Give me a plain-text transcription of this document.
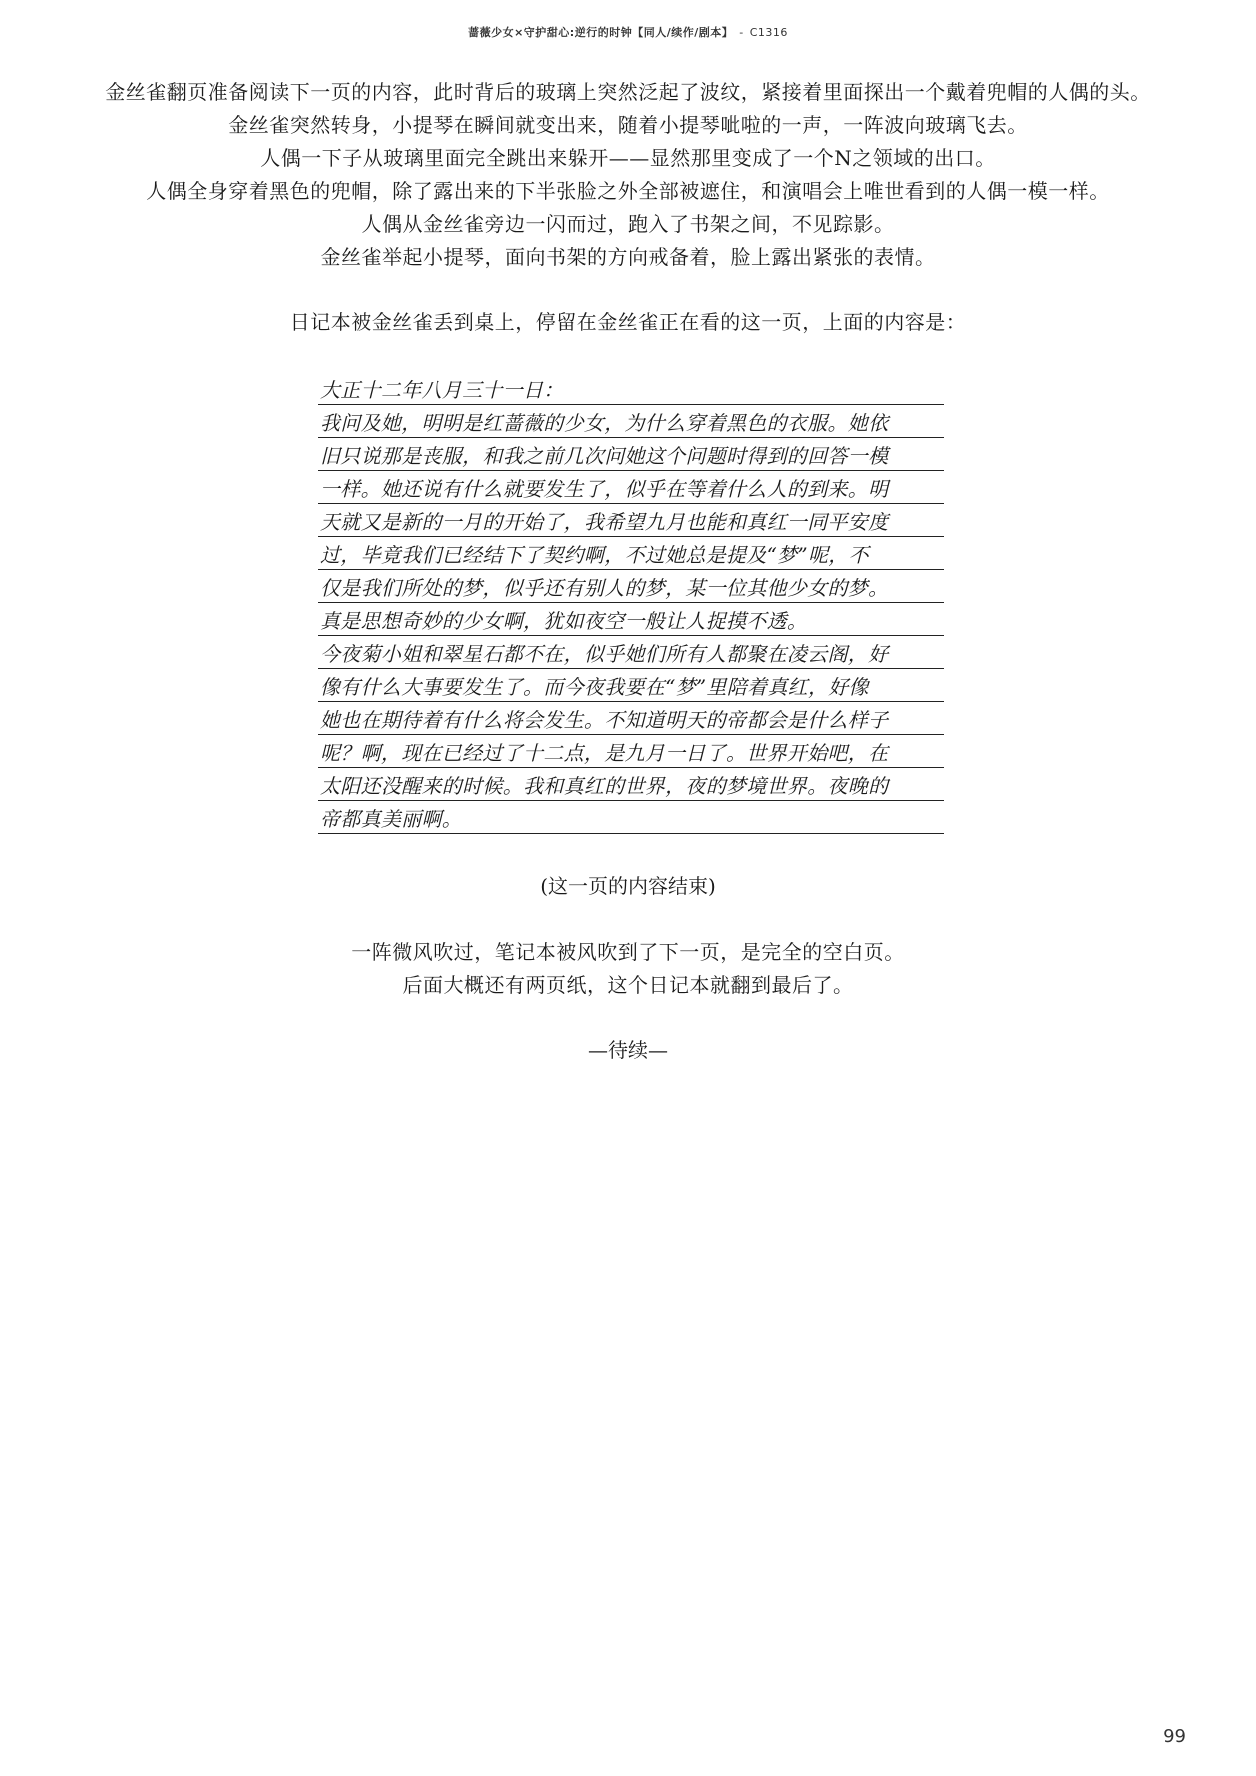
蔷薇少女×守护甜心:逆行的时钟【同人/续作/剧本】 - C1316

金丝雀翻页准备阅读下一页的内容，此时背后的玻璃上突然泛起了波纹，紧接着里面探出一个戴着兜帽的人偶的头。

金丝雀突然转身，小提琴在瞬间就变出来，随着小提琴呲啦的一声，一阵波向玻璃飞去。

人偶一下子从玻璃里面完全跳出来躲开——显然那里变成了一个N之领域的出口。

人偶全身穿着黑色的兜帽，除了露出来的下半张脸之外全部被遮住，和演唱会上唯世看到的人偶一模一样。

人偶从金丝雀旁边一闪而过，跑入了书架之间，不见踪影。

金丝雀举起小提琴，面向书架的方向戒备着，脸上露出紧张的表情。

日记本被金丝雀丢到桌上，停留在金丝雀正在看的这一页，上面的内容是：

大正十二年八月三十一日：
我问及她，明明是红蔷薇的少女，为什么穿着黑色的衣服。她依
旧只说那是丧服，和我之前几次问她这个问题时得到的回答一模
一样。她还说有什么就要发生了，似乎在等着什么人的到来。明
天就又是新的一月的开始了，我希望九月也能和真红一同平安度
过，毕竟我们已经结下了契约啊，不过她总是提及“梦”呢，不
仅是我们所处的梦，似乎还有别人的梦，某一位其他少女的梦。
真是思想奇妙的少女啊，犹如夜空一般让人捉摸不透。
今夜菊小姐和翠星石都不在，似乎她们所有人都聚在凌云阁，好
像有什么大事要发生了。而今夜我要在“梦”里陪着真红，好像
她也在期待着有什么将会发生。不知道明天的帝都会是什么样子
呢？啊，现在已经过了十二点，是九月一日了。世界开始吧，在
太阳还没醒来的时候。我和真红的世界，夜的梦境世界。夜晚的
帝都真美丽啊。

(这一页的内容结束)

一阵微风吹过，笔记本被风吹到了下一页，是完全的空白页。

后面大概还有两页纸，这个日记本就翻到最后了。

—待续—

99
